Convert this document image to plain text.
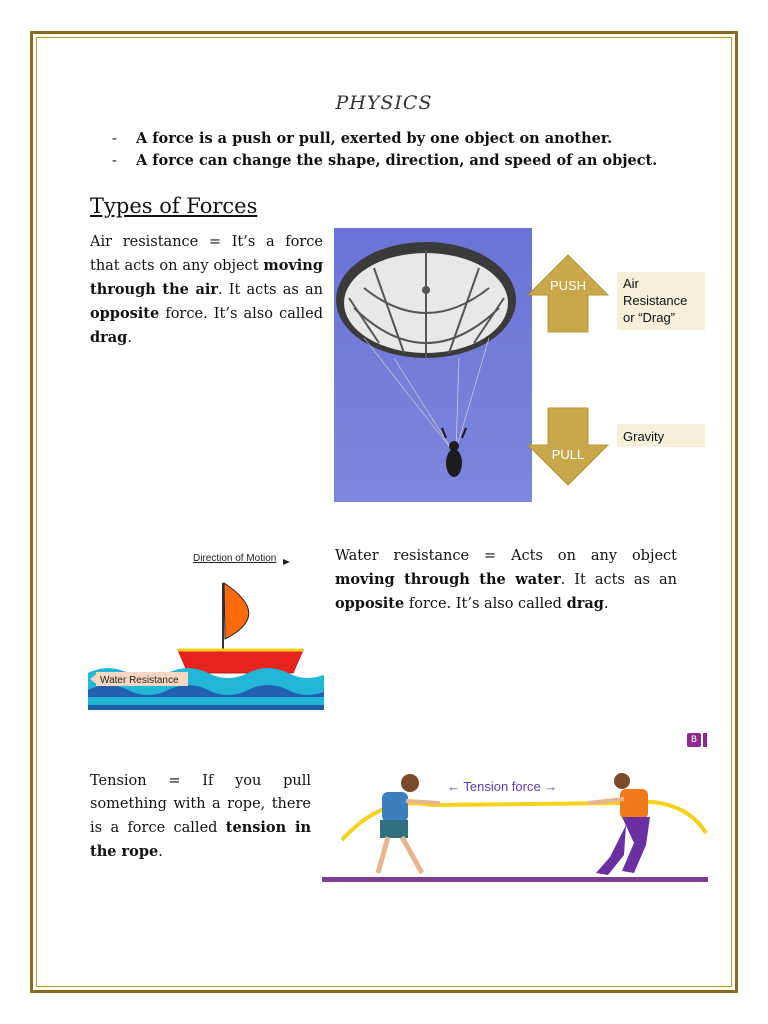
PHYSICS
- A force is a push or pull, exerted by one object on another.
- A force can change the shape, direction, and speed of an object.
Types of Forces
Air resistance = It’s a force that acts on any object moving through the air. It acts as an opposite force. It’s also called drag.
PUSH
PULL
Air
Resistance
or “Drag”
Gravity
Direction of Motion
Water Resistance
Water resistance = Acts on any object moving through the water. It acts as an opposite force. It’s also called drag.
B
Tension = If you pull something with a rope, there is a force called tension in the rope.
← Tension force →
